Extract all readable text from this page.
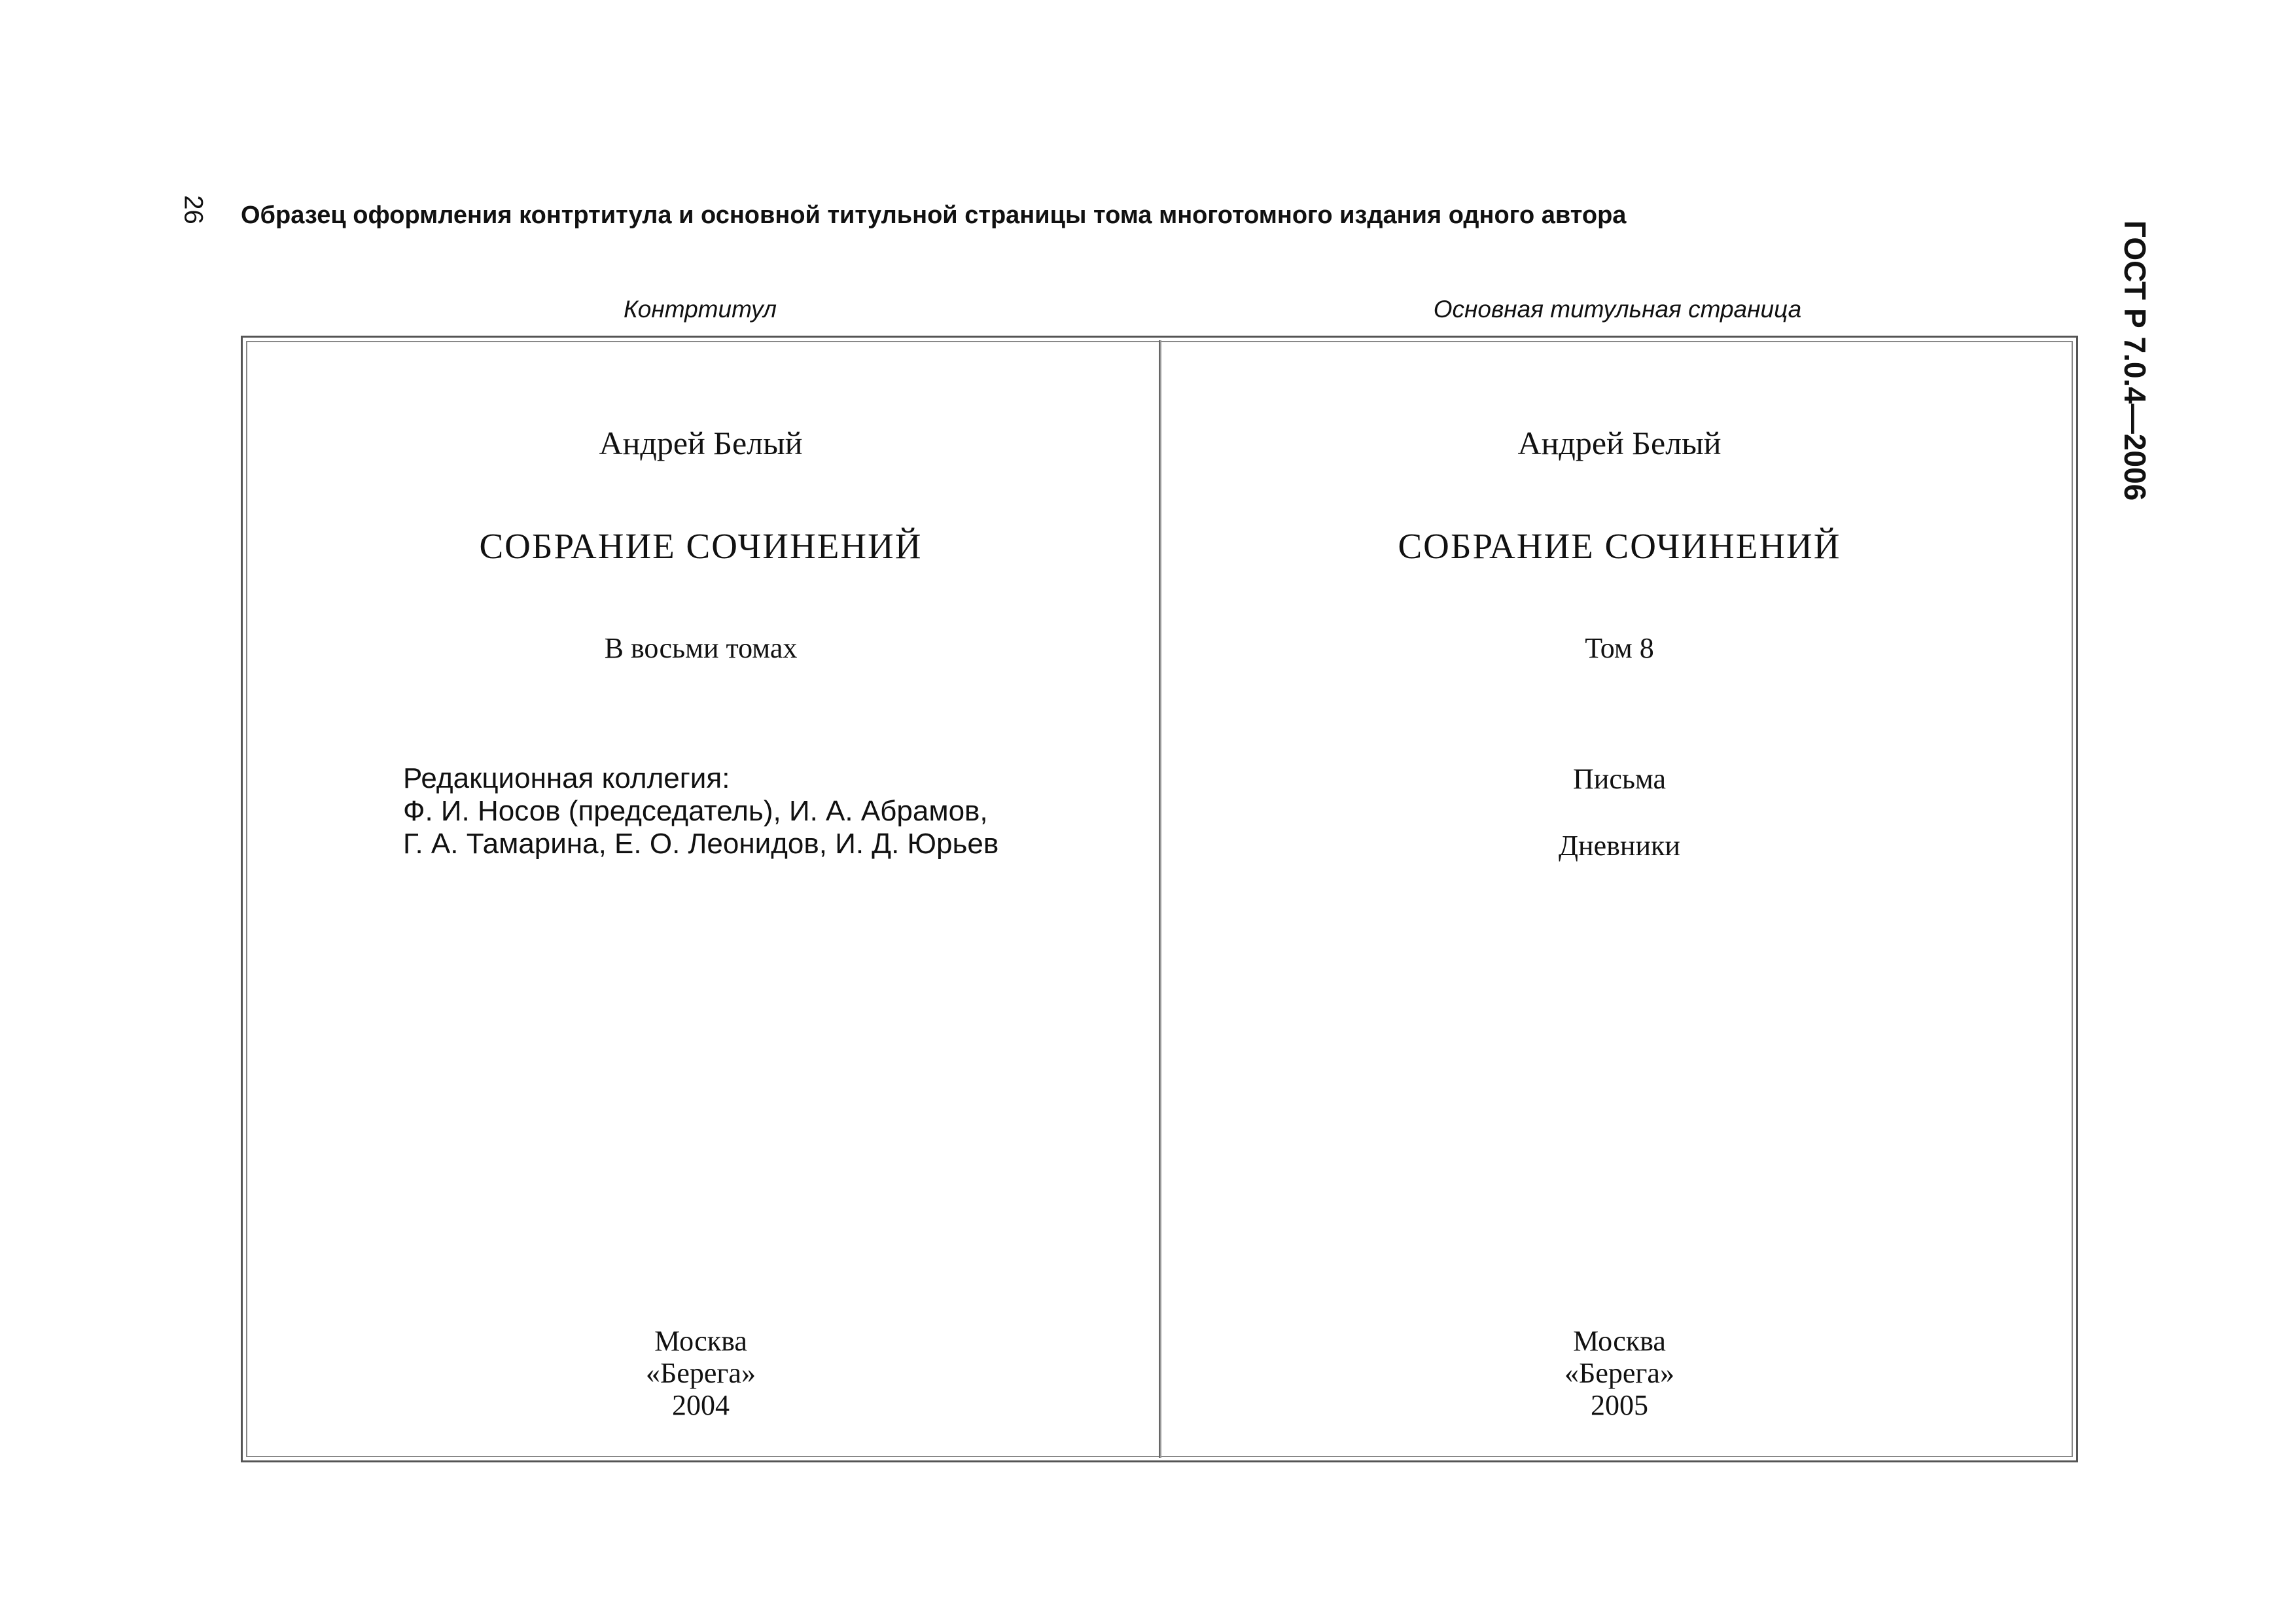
26
ГОСТ Р 7.0.4—2006
Образец оформления контртитула и основной титульной страницы тома многотомного издания одного автора
Контртитул	Основная титульная страница
Андрей Белый
СОБРАНИЕ СОЧИНЕНИЙ
В восьми томах
Редакционная коллегия:
Ф. И. Носов (председатель), И. А. Абрамов,
Г. А. Тамарина, Е. О. Леонидов, И. Д. Юрьев
Москва
«Берега»
2004
Андрей Белый
СОБРАНИЕ СОЧИНЕНИЙ
Том 8
Письма
Дневники
Москва
«Берега»
2005
